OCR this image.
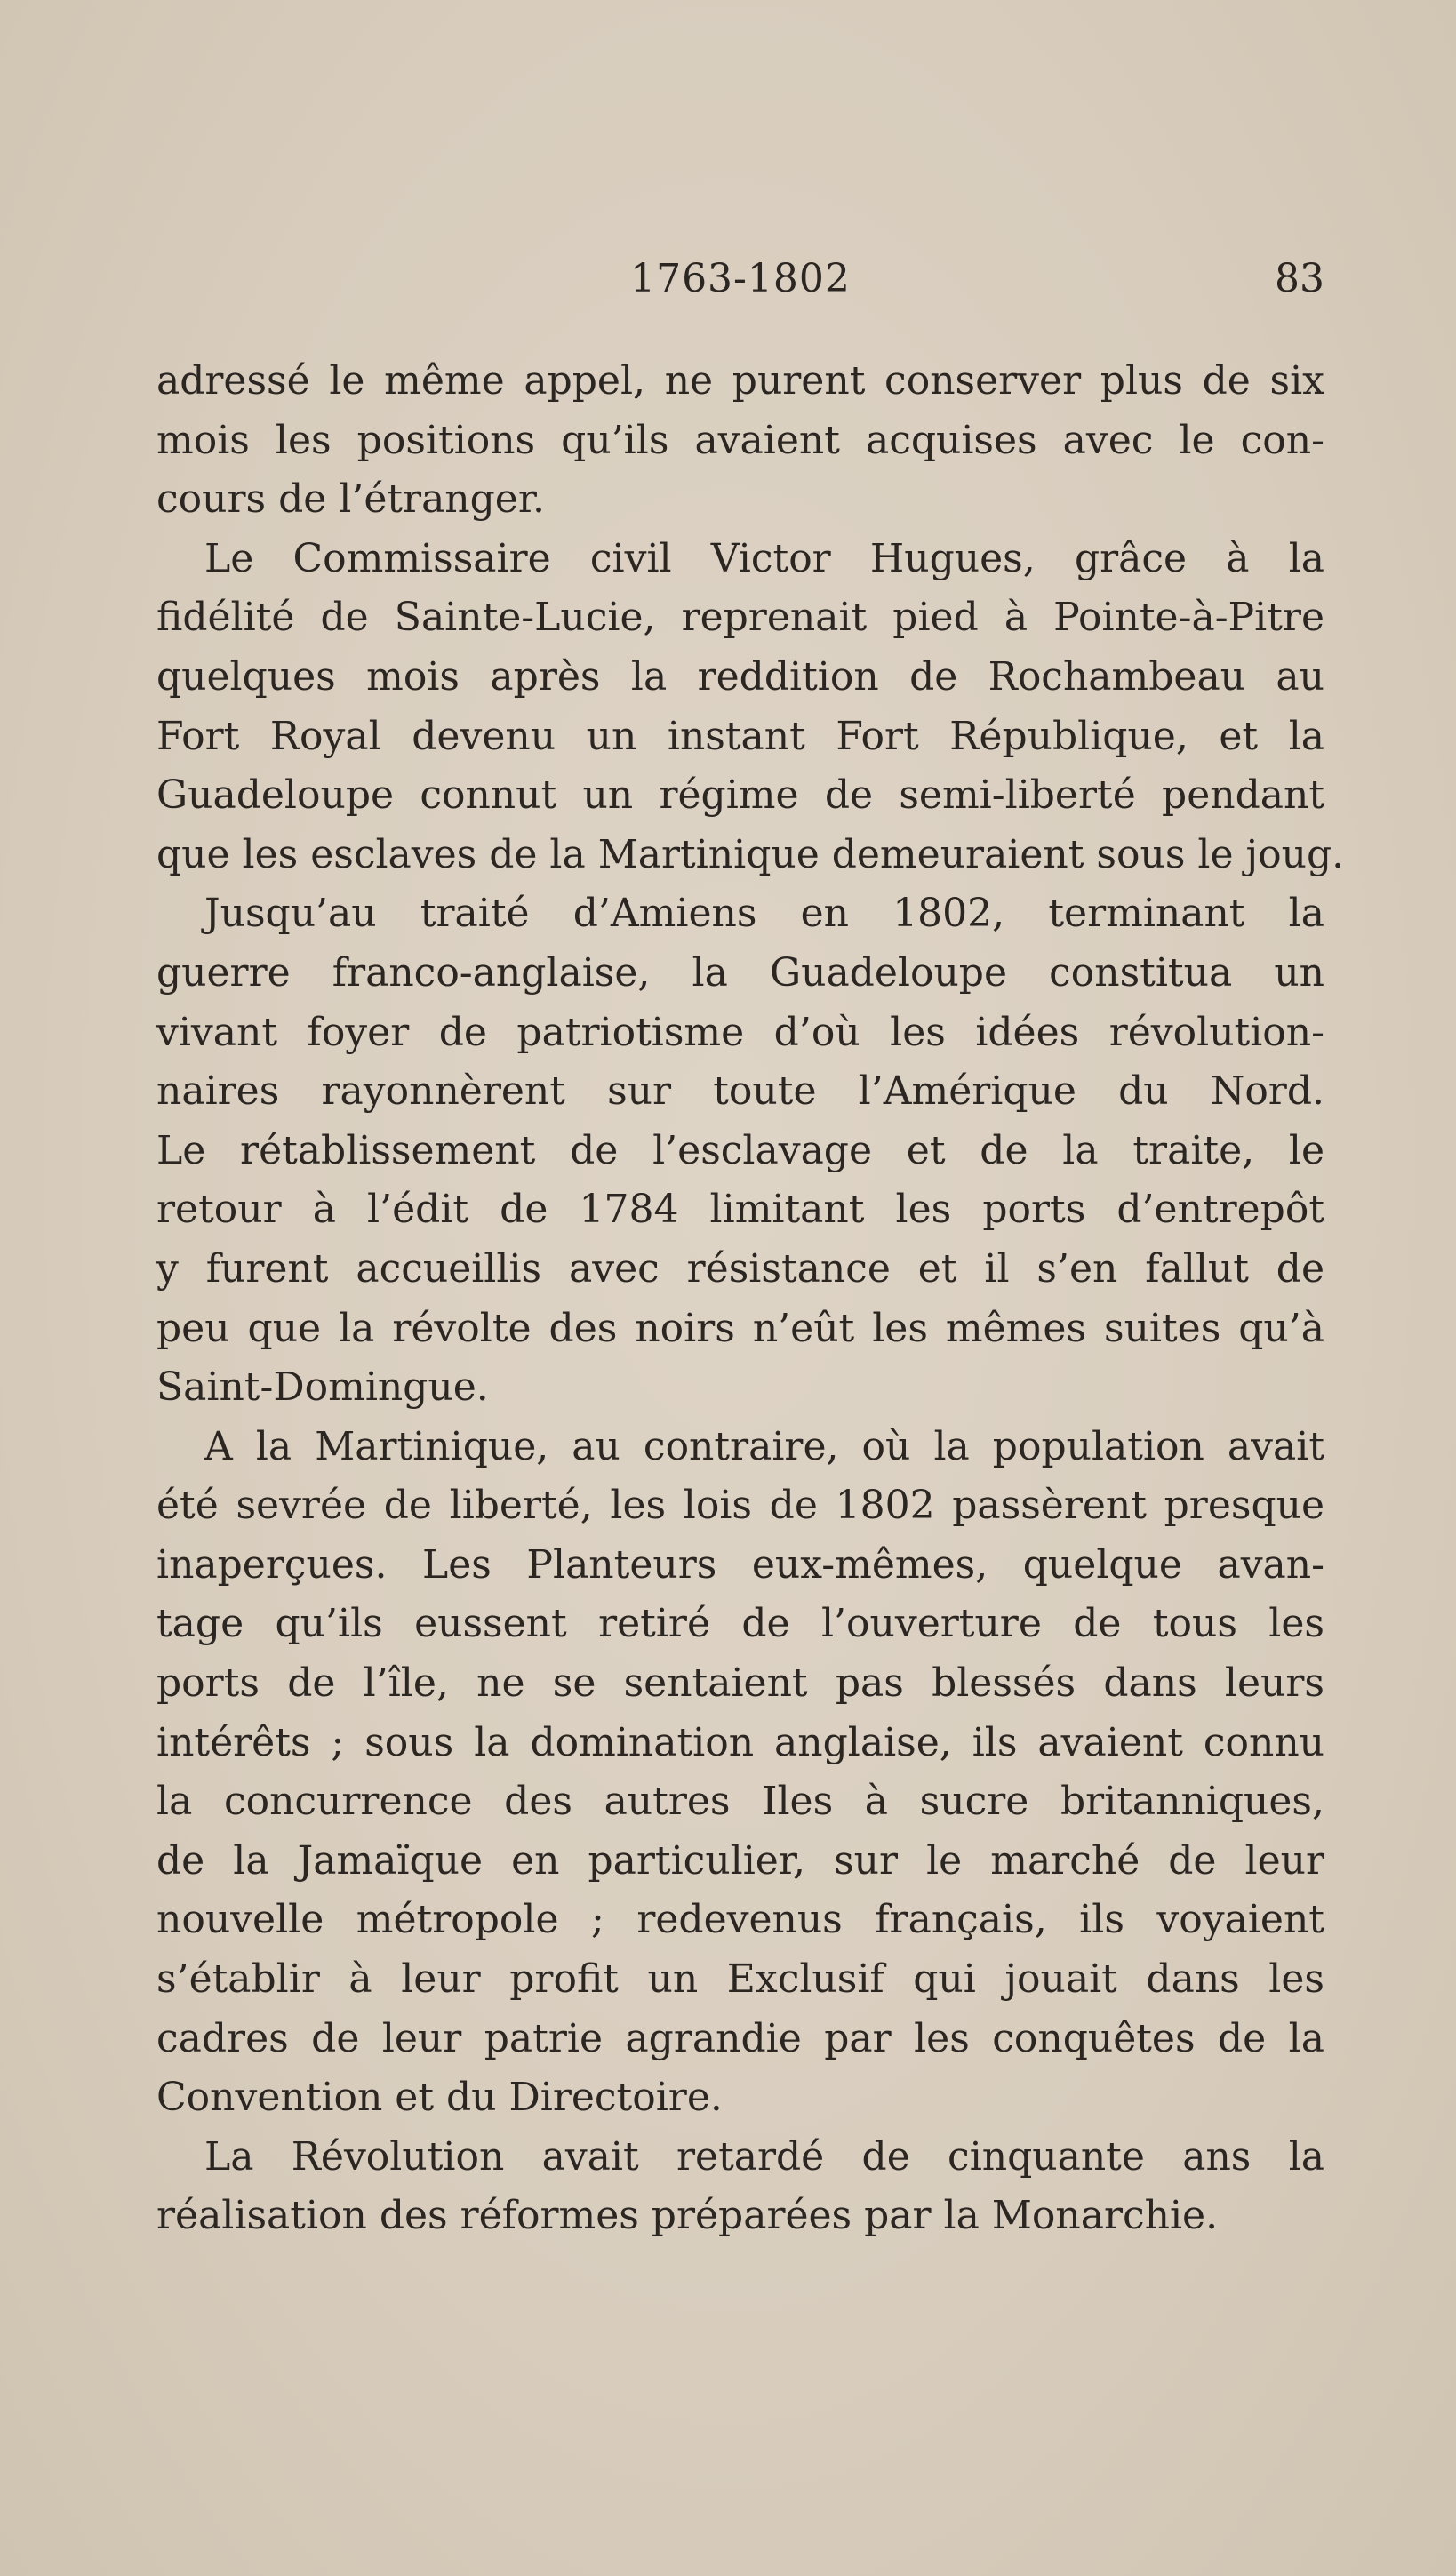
1763-1802	83
adressé le même appel, ne purent conserver plus de six
mois les positions qu’ils avaient acquises avec le con-
cours de l’étranger.
Le Commissaire civil Victor Hugues, grâce à la
fidélité de Sainte-Lucie, reprenait pied à Pointe-à-Pitre
quelques mois après la reddition de Rochambeau au
Fort Royal devenu un instant Fort République, et la
Guadeloupe connut un régime de semi-liberté pendant
que les esclaves de la Martinique demeuraient sous le joug.
Jusqu’au traité d’Amiens en 1802, terminant la
guerre franco-anglaise, la Guadeloupe constitua un
vivant foyer de patriotisme d’où les idées révolution-
naires rayonnèrent sur toute l’Amérique du Nord.
Le rétablissement de l’esclavage et de la traite, le
retour à l’édit de 1784 limitant les ports d’entrepôt
y furent accueillis avec résistance et il s’en fallut de
peu que la révolte des noirs n’eût les mêmes suites qu’à
Saint-Domingue.
A la Martinique, au contraire, où la population avait
été sevrée de liberté, les lois de 1802 passèrent presque
inaperçues. Les Planteurs eux-mêmes, quelque avan-
tage qu’ils eussent retiré de l’ouverture de tous les
ports de l’île, ne se sentaient pas blessés dans leurs
intérêts ; sous la domination anglaise, ils avaient connu
la concurrence des autres Iles à sucre britanniques,
de la Jamaïque en particulier, sur le marché de leur
nouvelle métropole ; redevenus français, ils voyaient
s’établir à leur profit un Exclusif qui jouait dans les
cadres de leur patrie agrandie par les conquêtes de la
Convention et du Directoire.
La Révolution avait retardé de cinquante ans la
réalisation des réformes préparées par la Monarchie.
